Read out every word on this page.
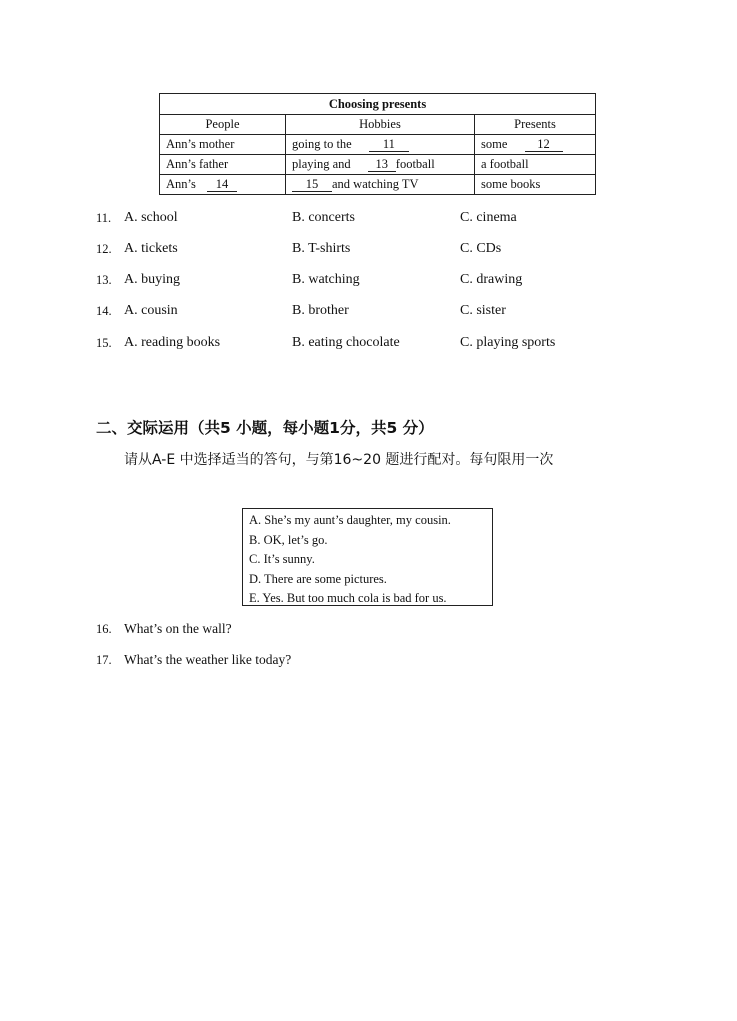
Choosing presents		
People	Hobbies	Presents
Ann’s mother	going to the 11	some 12
Ann’s father	playing and 13 football	a football
Ann’s 14	15 and watching TV	some books
11. A. school	B. concerts	C. cinema
12. A. tickets	B. T-shirts	C. CDs
13. A. buying	B. watching	C. drawing
14. A. cousin	B. brother	C. sister
15. A. reading books	B. eating chocolate	C. playing sports
二、交际运用（共5 小题，每小题1分，共5 分）
请从A-E 中选择适当的答句，与第16~20 题进行配对。每句限用一次
A. She’s my aunt’s daughter, my cousin.
B. OK, let’s go.
C. It’s sunny.
D. There are some pictures.
E. Yes. But too much cola is bad for us.
16. What’s on the wall?
17. What’s the weather like today?
